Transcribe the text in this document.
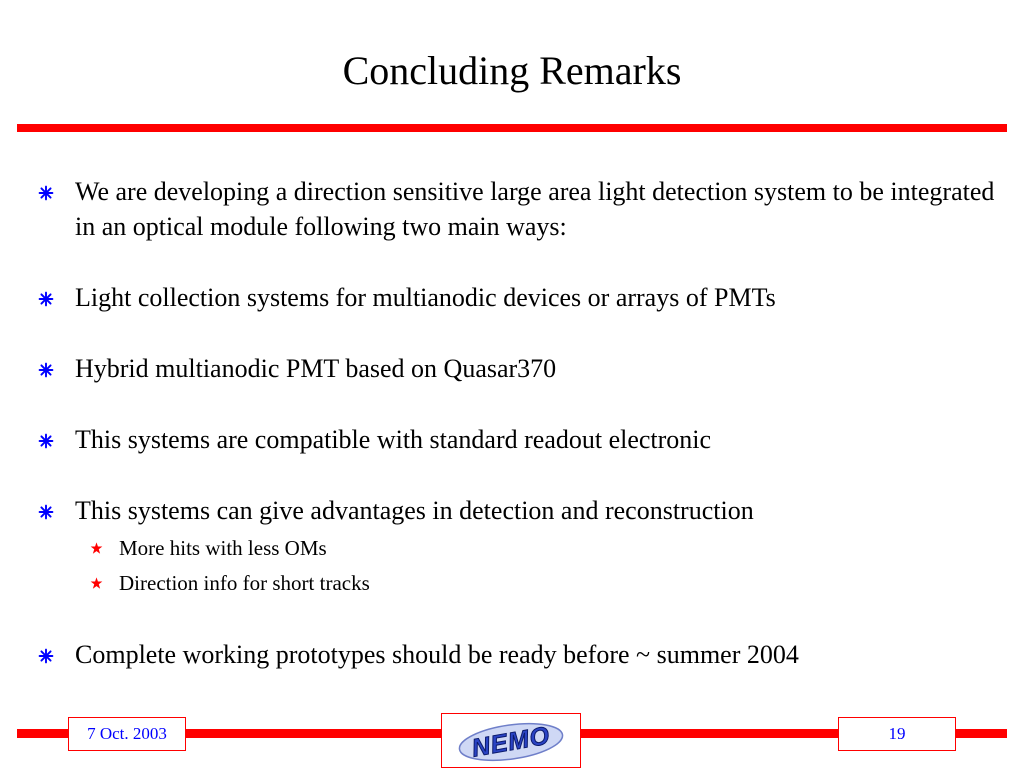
Concluding Remarks
We are developing a direction sensitive large area light detection system to be integrated in an optical module following two main ways:
Light collection systems for multianodic devices or arrays of PMTs
Hybrid multianodic PMT based on Quasar370
This systems are compatible with standard readout electronic
This systems can give advantages in detection and reconstruction
More hits with less OMs
Direction info for short tracks
Complete working prototypes should be ready before ~ summer 2004
7 Oct. 2003	NEMO	19
